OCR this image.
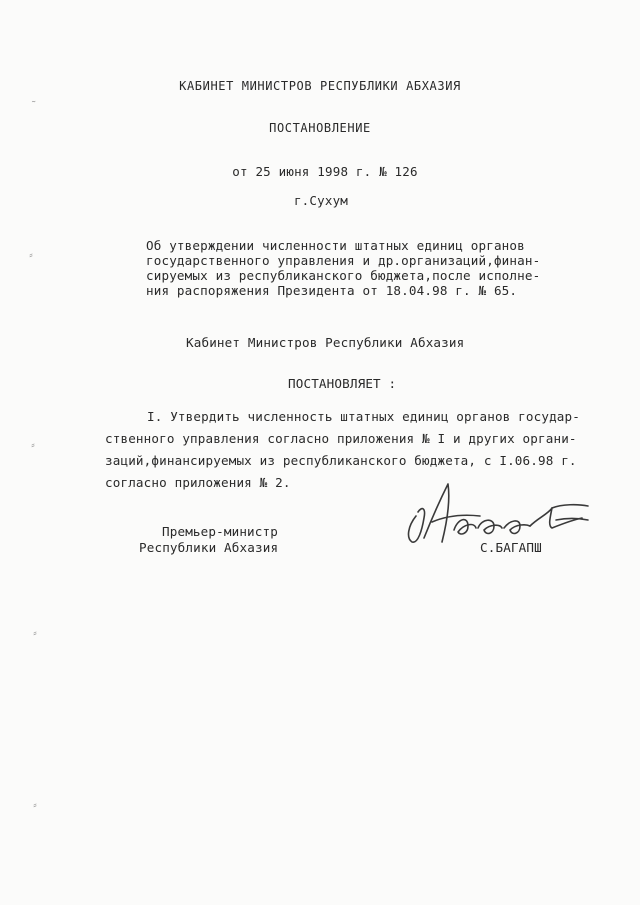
КАБИНЕТ МИНИСТРОВ РЕСПУБЛИКИ АБХАЗИЯ
ПОСТАНОВЛЕНИЕ
от 25 июня 1998 г. № 126
г.Сухум
Об утверждении численности штатных единиц органов
государственного управления и др.организаций,финан-
сируемых из республиканского бюджета,после исполне-
ния распоряжения Президента от 18.04.98 г. № 65.
Кабинет Министров Республики Абхазия
ПОСТАНОВЛЯЕТ :
I. Утвердить численность штатных единиц органов государ-
ственного управления согласно приложения № I и других органи-
заций,финансируемых из республиканского бюджета, с I.06.98 г.
согласно приложения № 2.
Премьер-министр
Республики Абхазия	С.БАГАПШ
˷
⸗
⸗
⸗
⸗
